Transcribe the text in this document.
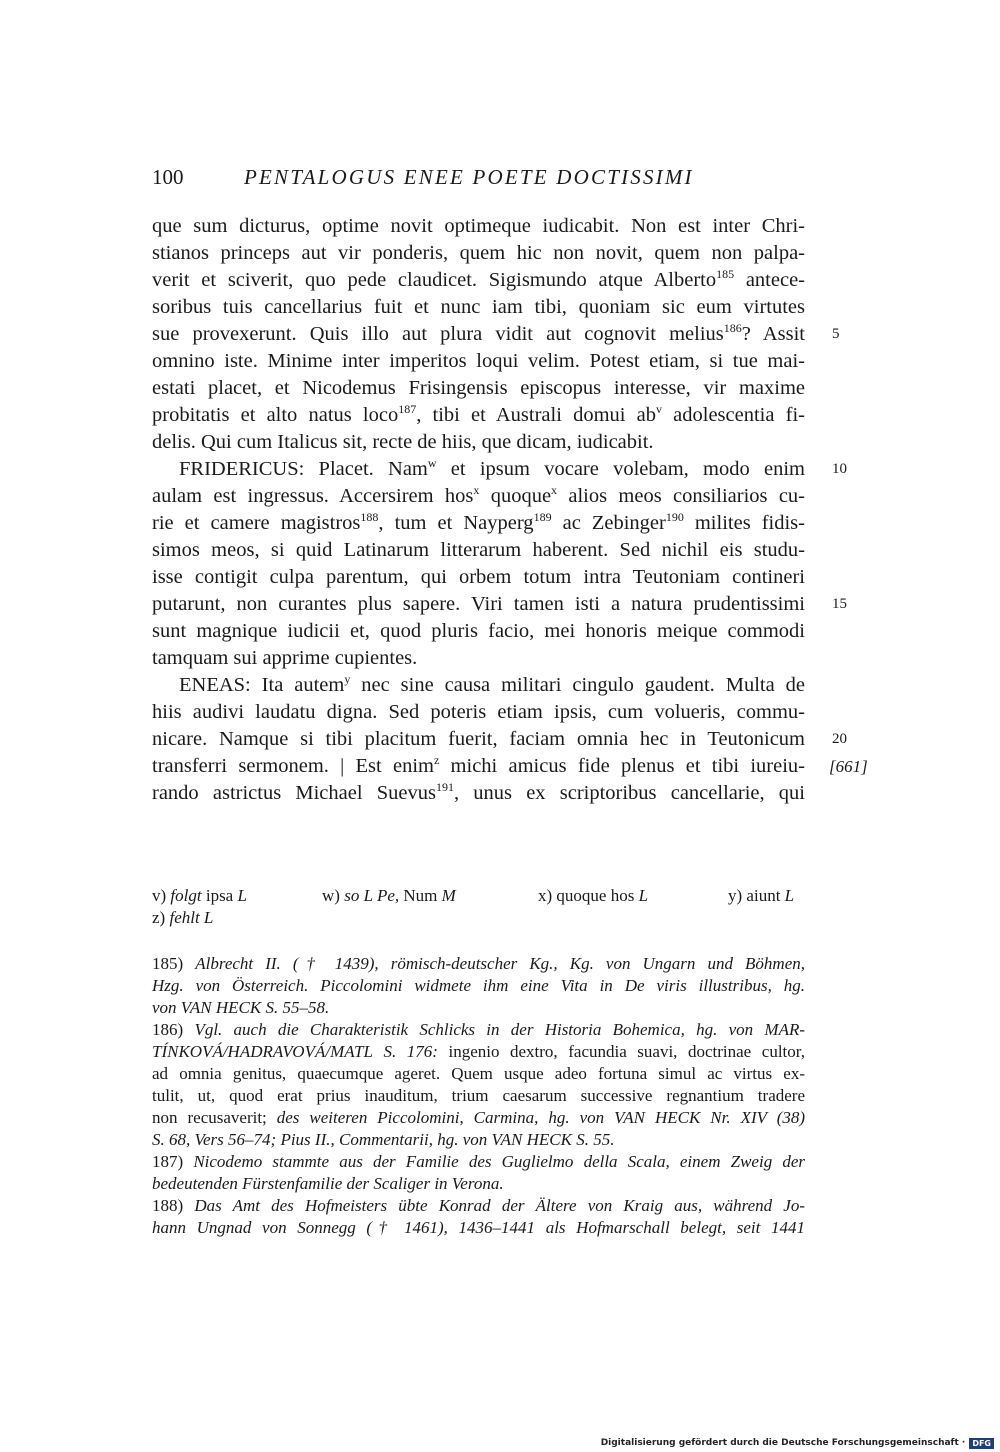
100	PENTALOGUS ENEE POETE DOCTISSIMI
que sum dicturus, optime novit optimeque iudicabit. Non est inter Chri-
stianos princeps aut vir ponderis, quem hic non novit, quem non palpa-
verit et sciverit, quo pede claudicet. Sigismundo atque Alberto$^{185}$ antece-
soribus tuis cancellarius fuit et nunc iam tibi, quoniam sic eum virtutes
sue provexerunt. Quis illo aut plura vidit aut cognovit melius$^{186}$? Assit
omnino iste. Minime inter imperitos loqui velim. Potest etiam, si tue mai-
estati placet, et Nicodemus Frisingensis episcopus interesse, vir maxime
probitatis et alto natus loco$^{187}$, tibi et Australi domui $ab^v$ adolescentia fi-
delis. Qui cum Italicus sit, recte de hiis, que dicam, iudicabit.
FRIDERICUS: Placet. Nam$^w$ et ipsum vocare volebam, modo enim
aulam est ingressus. Accersirem hos$^x$ quoque$^x$ alios meos consiliarios cu-
rie et camere magistros$^{188}$, tum et Nayperg$^{189}$ ac Zebinger$^{190}$ milites fidis-
simos meos, si quid Latinarum litterarum haberent. Sed nichil eis studu-
isse contigit culpa parentum, qui orbem totum intra Teutoniam contineri
putarunt, non curantes plus sapere. Viri tamen isti a natura prudentissimi
sunt magnique iudicii et, quod pluris facio, mei honoris meique commodi
tamquam sui apprime cupientes.
ENEAS: Ita autem$^y$ nec sine causa militari cingulo gaudent. Multa de
hiis audivi laudatu digna. Sed poteris etiam ipsis, cum volueris, commu-
nicare. Namque si tibi placitum fuerit, faciam omnia hec in Teutonicum
transferri sermonem. | Est enim$^z$ michi amicus fide plenus et tibi iureiu-
rando astrictus Michael Suevus$^{191}$, unus ex scriptoribus cancellarie, qui
5
10
15
20
[661]
v) folgt ipsa L	w) so L Pe, Num M	x) quoque hos L	y) aiunt L
z) fehlt L
185) Albrecht II. († 1439), römisch-deutscher Kg., Kg. von Ungarn und Böhmen,
Hzg. von Österreich. Piccolomini widmete ihm eine Vita in De viris illustribus, hg.
von VAN HECK S. 55–58.
186) Vgl. auch die Charakteristik Schlicks in der Historia Bohemica, hg. von MAR-
TÍNKOVÁ/HADRAVOVÁ/MATL S. 176: ingenio dextro, facundia suavi, doctrinae cultor,
ad omnia genitus, quaecumque ageret. Quem usque adeo fortuna simul ac virtus ex-
tulit, ut, quod erat prius inauditum, trium caesarum successive regnantium tradere
non recusaverit; des weiteren Piccolomini, Carmina, hg. von VAN HECK Nr. XIV (38)
S. 68, Vers 56–74; Pius II., Commentarii, hg. von VAN HECK S. 55.
187) Nicodemo stammte aus der Familie des Guglielmo della Scala, einem Zweig der
bedeutenden Fürstenfamilie der Scaliger in Verona.
188) Das Amt des Hofmeisters übte Konrad der Ältere von Kraig aus, während Jo-
hann Ungnad von Sonnegg († 1461), 1436–1441 als Hofmarschall belegt, seit 1441
Digitalisierung gefördert durch die Deutsche Forschungsgemeinschaft · DFG
